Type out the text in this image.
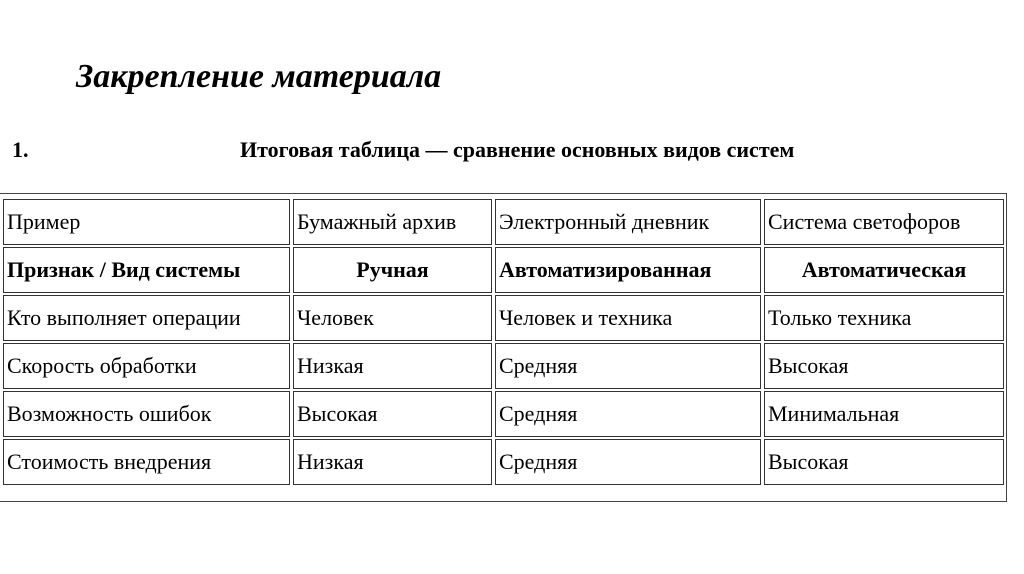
Закрепление материала
1.	Итоговая таблица — сравнение основных видов систем
Пример	Бумажный архив	Электронный дневник	Система светофоров
Признак / Вид системы	Ручная	Автоматизированная	Автоматическая
Кто выполняет операции	Человек	Человек и техника	Только техника
Скорость обработки	Низкая	Средняя	Высокая
Возможность ошибок	Высокая	Средняя	Минимальная
Стоимость внедрения	Низкая	Средняя	Высокая
